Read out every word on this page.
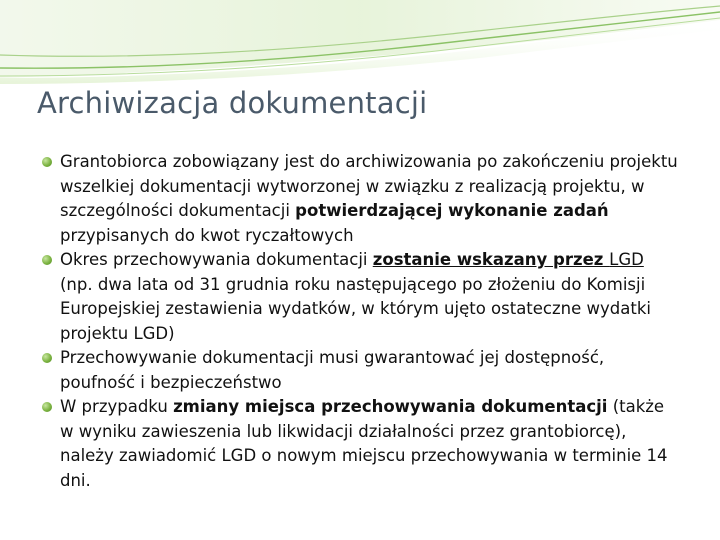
Archiwizacja dokumentacji
Grantobiorca zobowiązany jest do archiwizowania po zakończeniu projektu wszelkiej dokumentacji wytworzonej w związku z realizacją projektu, w szczególności dokumentacji potwierdzającej wykonanie zadań przypisanych do kwot ryczałtowych
Okres przechowywania dokumentacji zostanie wskazany przez LGD (np. dwa lata od 31 grudnia roku następującego po złożeniu do Komisji Europejskiej zestawienia wydatków, w którym ujęto ostateczne wydatki projektu LGD)
Przechowywanie dokumentacji musi gwarantować jej dostępność, poufność i bezpieczeństwo
W przypadku zmiany miejsca przechowywania dokumentacji (także w wyniku zawieszenia lub likwidacji działalności przez grantobiorcę), należy zawiadomić LGD o nowym miejscu przechowywania w terminie 14 dni.
